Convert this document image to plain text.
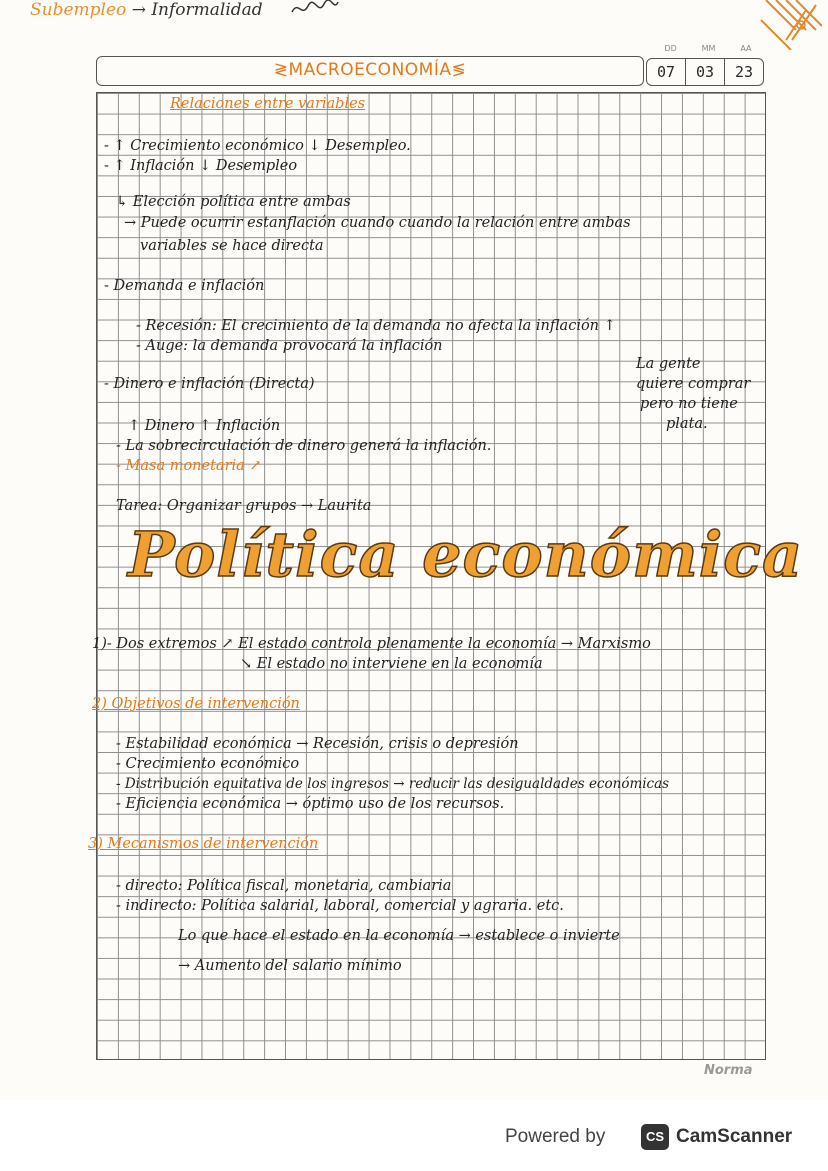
Subempleo → Informalidad
≷MACROECONOMÍA≶
DD	MM	AA
07	03	23
Relaciones entre variables
- ↑ Crecimiento económico ↓ Desempleo.
- ↑ Inflación ↓ Desempleo
↳ Elección política entre ambas
→ Puede ocurrir estanflación cuando cuando la relación entre ambas
variables se hace directa
- Demanda e inflación
- Recesión: El crecimiento de la demanda no afecta la inflación ↑
- Auge: la demanda provocará la inflación
- Dinero e inflación (Directa)
↑ Dinero ↑ Inflación
- La sobrecirculación de dinero generá la inflación.
- Masa monetaria ↗
Tarea: Organizar grupos → Laurita
La gente
quiere comprar
pero no tiene
plata.
Política económica
1)- Dos extremos ↗ El estado controla plenamente la economía → Marxismo
↘ El estado no interviene en la economía
2) Objetivos de intervención
- Estabilidad económica → Recesión, crisis o depresión
- Crecimiento económico
- Distribución equitativa de los ingresos → reducir las desigualdades económicas
- Eficiencia económica → óptimo uso de los recursos.
3) Mecanismos de intervención
- directo: Política fiscal, monetaria, cambiaria
- indirecto: Política salarial, laboral, comercial y agraria. etc.
Lo que hace el estado en la economía → establece o invierte
→ Aumento del salario mínimo
Norma
Powered by	CS CamScanner
